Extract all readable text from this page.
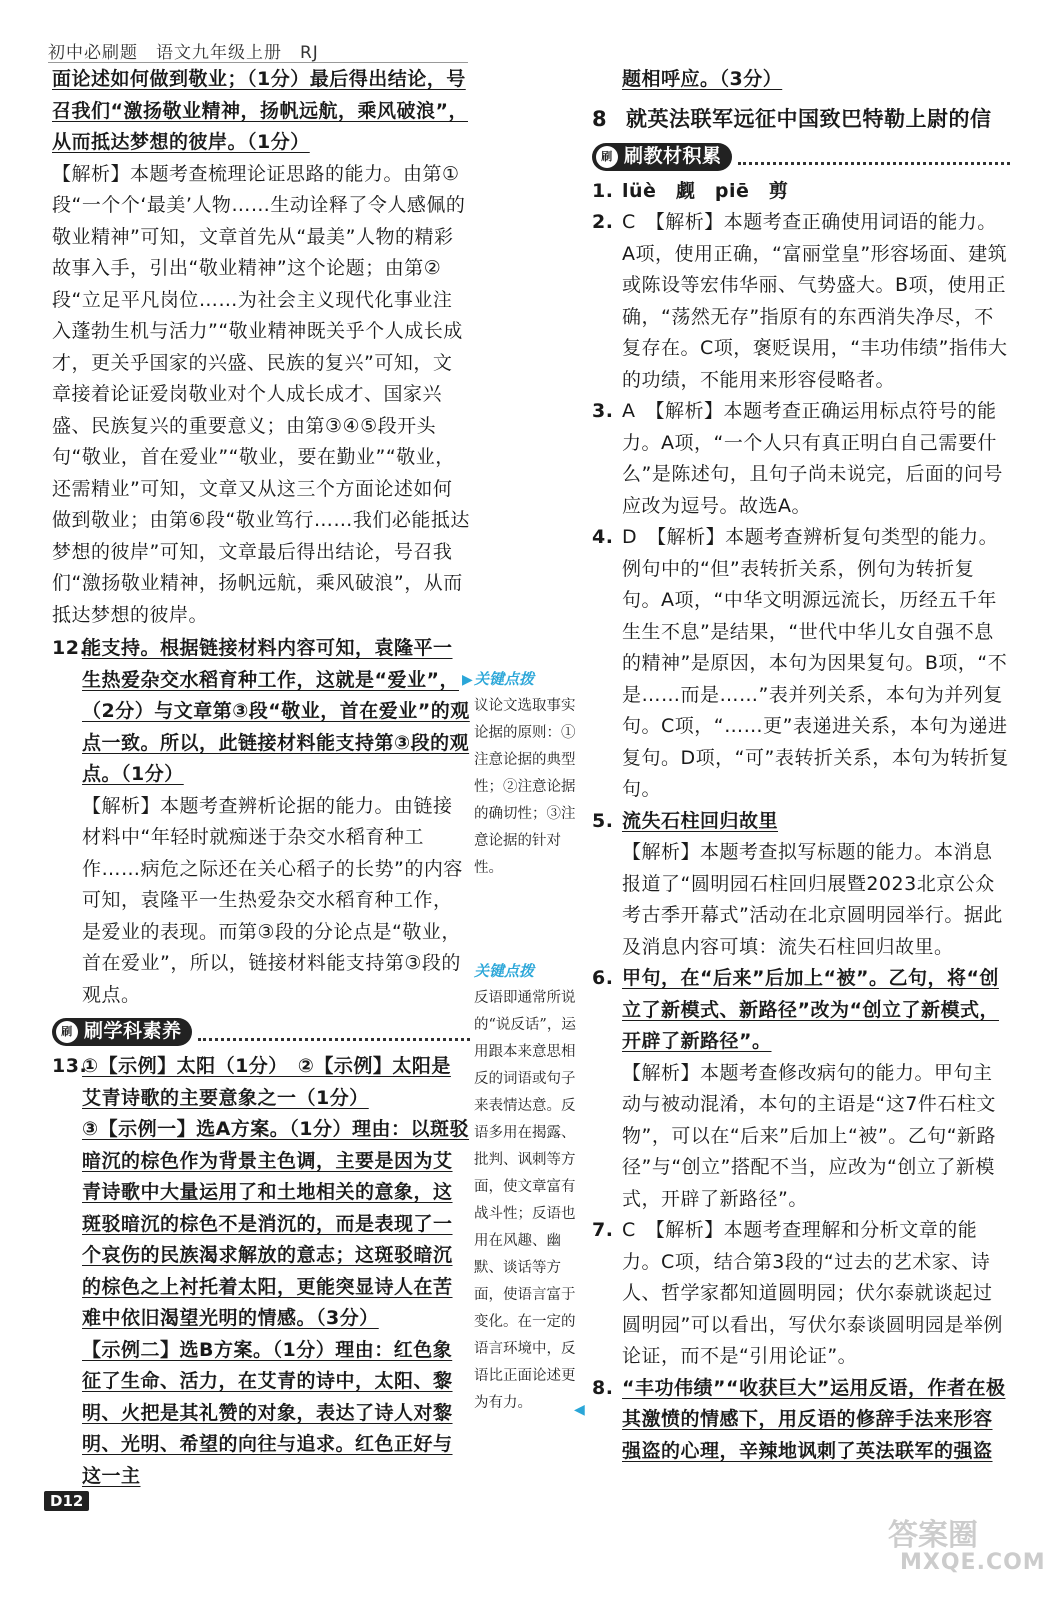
初中必刷题　语文九年级上册　RJ

面论述如何做到敬业；（1分）最后得出结论，号召我们“激扬敬业精神，扬帆远航，乘风破浪”，从而抵达梦想的彼岸。（1分）

【解析】本题考查梳理论证思路的能力。由第①段“一个个‘最美’人物……生动诠释了令人感佩的敬业精神”可知，文章首先从“最美”人物的精彩故事入手，引出“敬业精神”这个论题；由第②段“立足平凡岗位……为社会主义现代化事业注入蓬勃生机与活力”“敬业精神既关乎个人成长成才，更关乎国家的兴盛、民族的复兴”可知，文章接着论证爱岗敬业对个人成长成才、国家兴盛、民族复兴的重要意义；由第③④⑤段开头句“敬业，首在爱业”“敬业，要在勤业”“敬业，还需精业”可知，文章又从这三个方面论述如何做到敬业；由第⑥段“敬业笃行……我们必能抵达梦想的彼岸”可知，文章最后得出结论，号召我们“激扬敬业精神，扬帆远航，乘风破浪”，从而抵达梦想的彼岸。

12.能支持。根据链接材料内容可知，袁隆平一生热爱杂交水稻育种工作，这就是“爱业”，（2分）与文章第③段“敬业，首在爱业”的观点一致。所以，此链接材料能支持第③段的观点。（1分）

【解析】本题考查辨析论据的能力。由链接材料中“年轻时就痴迷于杂交水稻育种工作……病危之际还在关心稻子的长势”的内容可知，袁隆平一生热爱杂交水稻育种工作，是爱业的表现。而第③段的分论点是“敬业，首在爱业”，所以，链接材料能支持第③段的观点。

刷 刷学科素养

13.①【示例】太阳（1分）　②【示例】太阳是艾青诗歌的主要意象之一（1分）

③【示例一】选A方案。（1分）理由：以斑驳暗沉的棕色作为背景主色调，主要是因为艾青诗歌中大量运用了和土地相关的意象，这斑驳暗沉的棕色不是消沉的，而是表现了一个哀伤的民族渴求解放的意志；这斑驳暗沉的棕色之上衬托着太阳，更能突显诗人在苦难中依旧渴望光明的情感。（3分）

【示例二】选B方案。（1分）理由：红色象征了生命、活力，在艾青的诗中，太阳、黎明、火把是其礼赞的对象，表达了诗人对黎明、光明、希望的向往与追求。红色正好与这一主

▶ 关键点拨
议论文选取事实论据的原则：①注意论据的典型性；②注意论据的确切性；③注意论据的针对性。
关键点拨
反语即通常所说的“说反话”，运用跟本来意思相反的词语或句子来表情达意。反语多用在揭露、批判、讽刺等方面，使文章富有战斗性；反语也用在风趣、幽默、谈话等方面，使语言富于变化。在一定的语言环境中，反语比正面论述更为有力。	◀

题相呼应。（3分）

8 就英法联军远征中国致巴特勒上尉的信

刷 刷教材积累

1. lüè　觑　piē　剪

2. C　【解析】本题考查正确使用词语的能力。A项，使用正确，“富丽堂皇”形容场面、建筑或陈设等宏伟华丽、气势盛大。B项，使用正确，“荡然无存”指原有的东西消失净尽，不复存在。C项，褒贬误用，“丰功伟绩”指伟大的功绩，不能用来形容侵略者。

3. A　【解析】本题考查正确运用标点符号的能力。A项，“一个人只有真正明白自己需要什么”是陈述句，且句子尚未说完，后面的问号应改为逗号。故选A。

4. D　【解析】本题考查辨析复句类型的能力。例句中的“但”表转折关系，例句为转折复句。A项，“中华文明源远流长，历经五千年生生不息”是结果，“世代中华儿女自强不息的精神”是原因，本句为因果复句。B项，“不是……而是……”表并列关系，本句为并列复句。C项，“……更”表递进关系，本句为递进复句。D项，“可”表转折关系，本句为转折复句。

5. 流失石柱回归故里

【解析】本题考查拟写标题的能力。本消息报道了“圆明园石柱回归展暨2023北京公众考古季开幕式”活动在北京圆明园举行。据此及消息内容可填：流失石柱回归故里。

6. 甲句，在“后来”后加上“被”。乙句，将“创立了新模式、新路径”改为“创立了新模式，开辟了新路径”。

【解析】本题考查修改病句的能力。甲句主动与被动混淆，本句的主语是“这7件石柱文物”，可以在“后来”后加上“被”。乙句“新路径”与“创立”搭配不当，应改为“创立了新模式，开辟了新路径”。

7. C　【解析】本题考查理解和分析文章的能力。C项，结合第3段的“过去的艺术家、诗人、哲学家都知道圆明园；伏尔泰就谈起过圆明园”可以看出，写伏尔泰谈圆明园是举例论证，而不是“引用论证”。

8. “丰功伟绩”“收获巨大”运用反语，作者在极其激愤的情感下，用反语的修辞手法来形容强盗的心理，辛辣地讽刺了英法联军的强盗

D12
答案圈
MXQE.COM
